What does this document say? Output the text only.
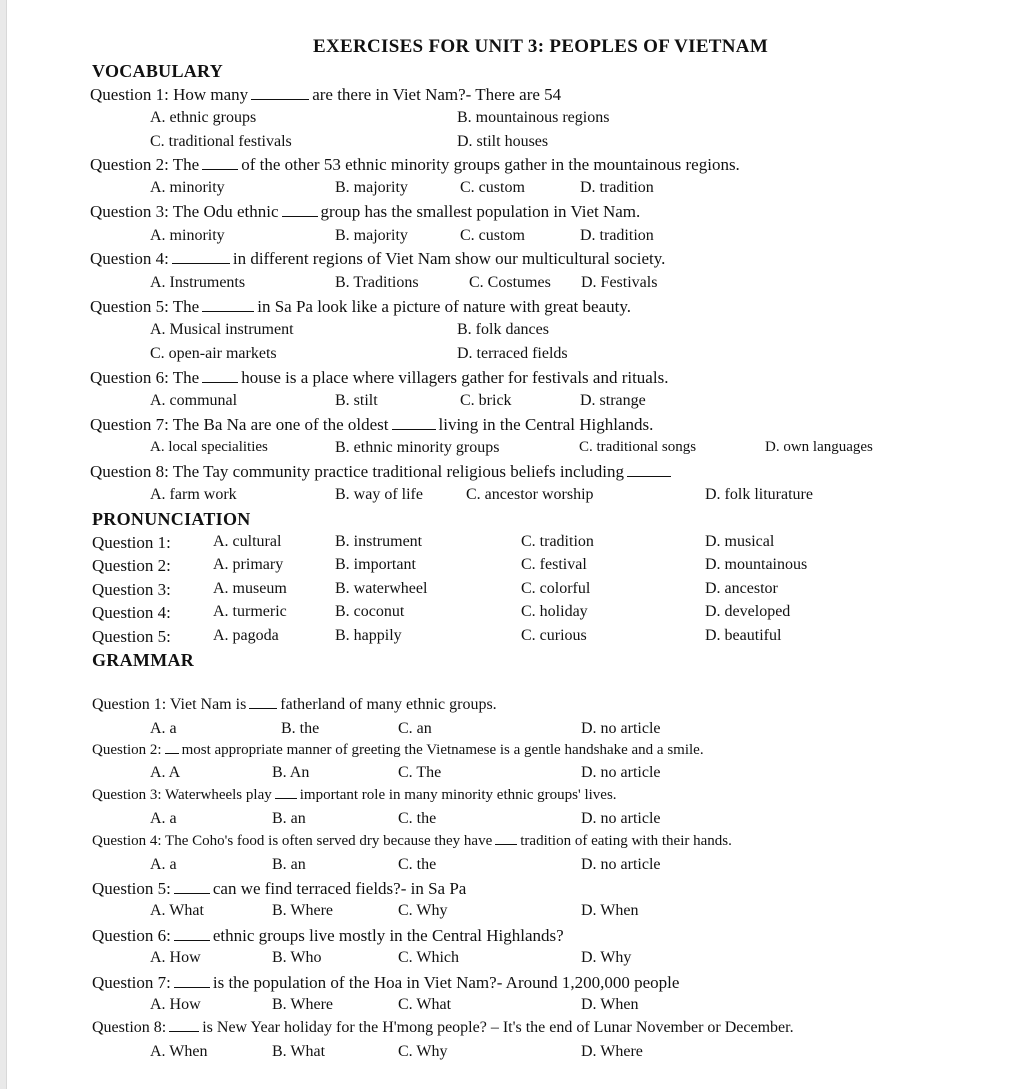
EXERCISES FOR UNIT 3: PEOPLES OF VIETNAM
VOCABULARY
Question 1: How many	are there in Viet Nam?- There are 54
A. ethnic groups	B. mountainous regions
C. traditional festivals	D. stilt houses
Question 2: The of the other 53 ethnic minority groups gather in the mountainous regions.
A. minority	B. majority	C. custom	D. tradition
Question 3: The Odu ethnic group has the smallest population in Viet Nam.
A. minority	B. majority	C. custom	D. tradition
Question 4:	in different regions of Viet Nam show our multicultural society.
A. Instruments	B. Traditions	C. Costumes D. Festivals
Question 5: The	in Sa Pa look like a picture of nature with great beauty.
A. Musical instrument	B. folk dances
C. open-air markets	D. terraced fields
Question 6: The house is a place where villagers gather for festivals and rituals.
A. communal	B. stilt	C. brick	D. strange
Question 7: The Ba Na are one of the oldest	living in the Central Highlands.
A. local specialities	B. ethnic minority groups	C. traditional songs	D. own languages
Question 8: The Tay community practice traditional religious beliefs including
A. farm work	B. way of life	C. ancestor worship	D. folk liturature
PRONUNCIATION
Question 1:	A. cultural	B. instrument	C. tradition	D. musical
Question 2:	A. primary	B. important	C. festival	D. mountainous
Question 3:	A. museum	B. waterwheel	C. colorful	D. ancestor
Question 4:	A. turmeric	B. coconut	C. holiday	D. developed
Question 5:	A. pagoda	B. happily	C. curious	D. beautiful
GRAMMAR
Question 1: Viet Nam is fatherland of many ethnic groups.
A. a	B. the	C. an	D. no article
Question 2: most appropriate manner of greeting the Vietnamese is a gentle handshake and a smile.
A. A	B. An	C. The	D. no article
Question 3: Waterwheels play important role in many minority ethnic groups' lives.
A. a	B. an	C. the	D. no article
Question 4: The Coho's food is often served dry because they have tradition of eating with their hands.
A. a	B. an	C. the	D. no article
Question 5: can we find terraced fields?- in Sa Pa
A. What	B. Where	C. Why	D. When
Question 6: ethnic groups live mostly in the Central Highlands?
A. How	B. Who	C. Which	D. Why
Question 7: is the population of the Hoa in Viet Nam?- Around 1,200,000 people
A. How	B. Where	C. What	D. When
Question 8: is New Year holiday for the H'mong people? – It's the end of Lunar November or December.
A. When	B. What	C. Why	D. Where
